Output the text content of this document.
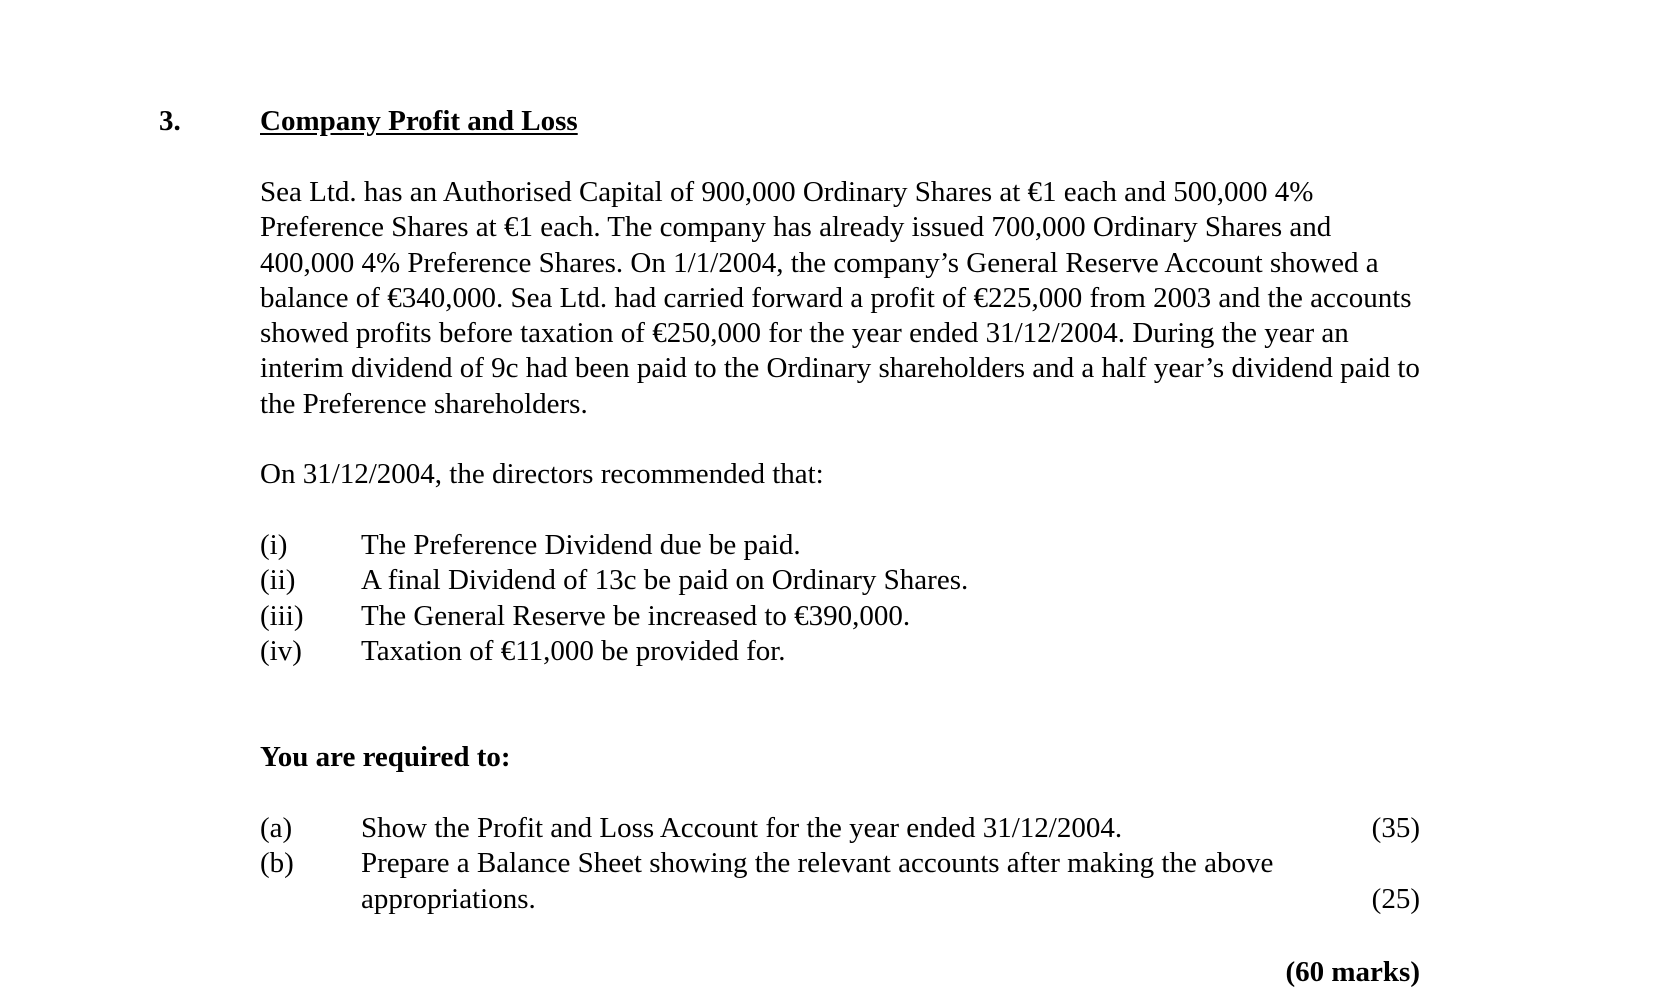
3.	Company Profit and Loss

Sea Ltd. has an Authorised Capital of 900,000 Ordinary Shares at €1 each and 500,000 4%
Preference Shares at €1 each. The company has already issued 700,000 Ordinary Shares and
400,000 4% Preference Shares. On 1/1/2004, the company’s General Reserve Account showed a
balance of €340,000. Sea Ltd. had carried forward a profit of €225,000 from 2003 and the accounts
showed profits before taxation of €250,000 for the year ended 31/12/2004. During the year an
interim dividend of 9c had been paid to the Ordinary shareholders and a half year’s dividend paid to
the Preference shareholders.

On 31/12/2004, the directors recommended that:
(i)	The Preference Dividend due be paid.
(ii) A final Dividend of 13c be paid on Ordinary Shares.
(iii) The General Reserve be increased to €390,000.
(iv) Taxation of €11,000 be provided for.
You are required to:
(a) Show the Profit and Loss Account for the year ended 31/12/2004.	(35)
(b) Prepare a Balance Sheet showing the relevant accounts after making the above
appropriations.	(25)
(60 marks)
